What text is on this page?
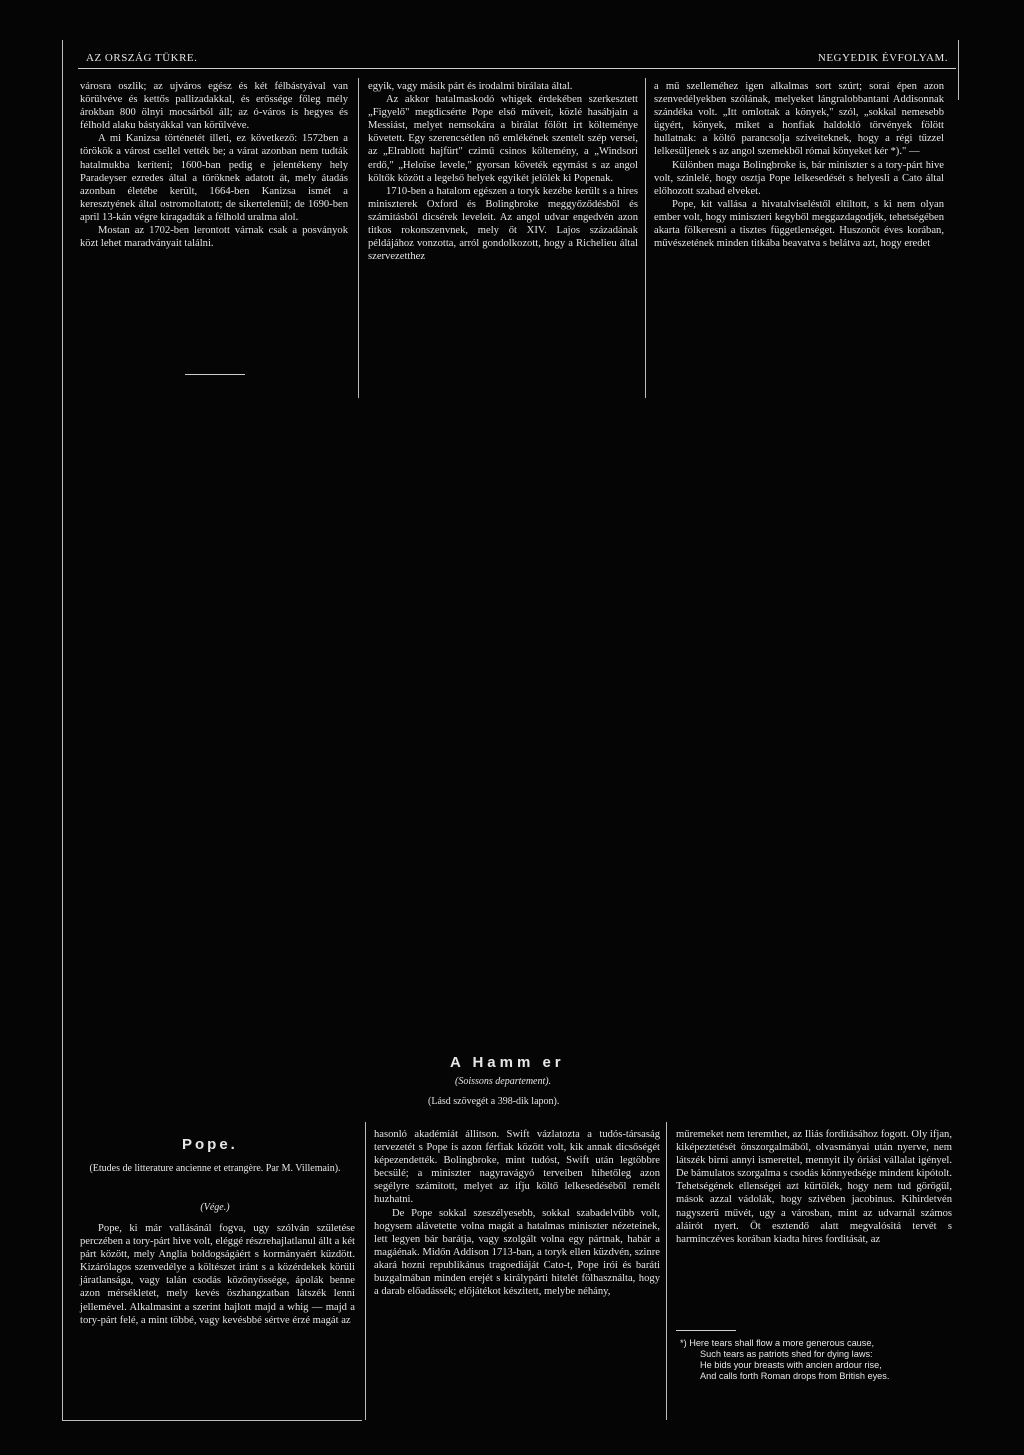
AZ ORSZÁG TÜKRE.	NEGYEDIK ÉVFOLYAM.

városra oszlik; az ujváros egész és két félbástyával van körülvéve és kettős pallizadakkal, és erőssége főleg mély árokban 800 ölnyi mocsárból áll; az ó-város is hegyes és félhold alaku bástyákkal van körülvéve.

A mi Kanizsa történetét illeti, ez következő: 1572ben a törökök a várost csellel vették be; a várat azonban nem tudták hatalmukba keríteni; 1600-ban pedig e jelentékeny hely Paradeyser ezredes által a töröknek adatott át, mely átadás azonban életébe került, 1664-ben Kanizsa ismét a keresztyének által ostromoltatott; de sikertelenül; de 1690-ben april 13-kán végre kiragadták a félhold uralma alol.

Mostan az 1702-ben lerontott várnak csak a posványok közt lehet maradványait találni.

egyik, vagy másik párt és irodalmi birálata által.

Az akkor hatalmaskodó whigek érdekében szerkesztett „Figyelő" megdicsérte Pope első műveit, közlé hasábjain a Messiást, melyet nemsokára a birálat fölött irt költeménye követett. Egy szerencsétlen nő emlékének szentelt szép versei, az „Elrablott hajfürt" czimű csinos költemény, a „Windsori erdő," „Heloïse levele," gyorsan követék egymást s az angol költők között a legelső helyek egyikét jelölék ki Popenak.

1710-ben a hatalom egészen a toryk kezébe került s a hires miniszterek Oxford és Bolingbroke meggyőződésből és számitásból dicsérek leveleit. Az angol udvar engedvén azon titkos rokonszenvnek, mely őt XIV. Lajos századának példájához vonzotta, arról gondolkozott, hogy a Richelieu által szervezetthez

a mű szelleméhez igen alkalmas sort szúrt; sorai épen azon szenvedélyekben szólának, melyeket lángralobbantani Addisonnak szándéka volt. „Itt omlottak a könyek," szól, „sokkal nemesebb ügyért, könyek, miket a honfiak haldokló törvények fölött hullatnak: a költő parancsolja sziveiteknek, hogy a régi tűzzel lelkesüljenek s az angol szemekből római könyeket kér *)." —

Különben maga Bolingbroke is, bár miniszter s a tory-párt hive volt, szinlelé, hogy osztja Pope lelkesedését s helyesli a Cato által előhozott szabad elveket.

Pope, kit vallása a hivatalviseléstől eltiltott, s ki nem olyan ember volt, hogy miniszteri kegyből meggazdagodjék, tehetségében akarta fölkeresni a tisztes függetlenséget. Huszonöt éves korában, művészetének minden titkába beavatva s belátva azt, hogy eredet

A Hamm er
(Soissons departement).
(Lásd szövegét a 398-dik lapon).
Pope.
(Etudes de litterature ancienne et etrangère. Par M. Villemain).
(Vége.)

Pope, ki már vallásánál fogva, ugy szólván születése perczében a tory-párt hive volt, eléggé részrehajlatlanul állt a két párt között, mely Anglia boldogságáért s kormányaért küzdött. Kizárólagos szenvedélye a költészet iránt s a közérdekek körüli járatlansága, vagy talán csodás közönyössége, ápolák benne azon mérsékletet, mely kevés öszhangzatban látszék lenni jellemével. Alkalmasint a szerint hajlott majd a whig — majd a tory-párt felé, a mint többé, vagy kevésbbé sértve érzé magát az

hasonló akadémiát állitson. Swift vázlatozta a tudós-társaság tervezetét s Pope is azon férfiak között volt, kik annak dicsőségét képezendették. Bolingbroke, mint tudóst, Swift után legtöbbre becsülé; a miniszter nagyravágyó terveiben hihetőleg azon segélyre számitott, melyet az ifju költő lelkesedéséből remélt huzhatni.

De Pope sokkal szeszélyesebb, sokkal szabadelvűbb volt, hogysem alávetette volna magát a hatalmas miniszter nézeteinek, lett legyen bár barátja, vagy szolgált volna egy pártnak, habár a magáénak. Midőn Addison 1713-ban, a toryk ellen küzdvén, szinre akará hozni republikánus tragoediáját Cato-t, Pope irói és baráti buzgalmában minden erejét s királypárti hitelét fölhasználta, hogy a darab előadássék; előjátékot készitett, melybe néhány,

műremeket nem teremthet, az Iliás forditásához fogott. Oly ifjan, kiképeztetését önszorgalmából, olvasmányai után nyerve, nem látszék birni annyi ismerettel, mennyit ily óriási vállalat igényel. De bámulatos szorgalma s csodás könnyedsége mindent kipótolt. Tehetségének ellenségei azt kürtölék, hogy nem tud görögül, mások azzal vádolák, hogy szivében jacobinus. Kihirdetvén nagyszerű művét, ugy a városban, mint az udvarnál számos aláirót nyert. Öt esztendő alatt megvalósitá tervét s harminczéves korában kiadta hires forditását, az

*) Here tears shall flow a more generous cause,
Such tears as patriots shed for dying laws:
He bids your breasts with ancien ardour rise,
And calls forth Roman drops from British eyes.
